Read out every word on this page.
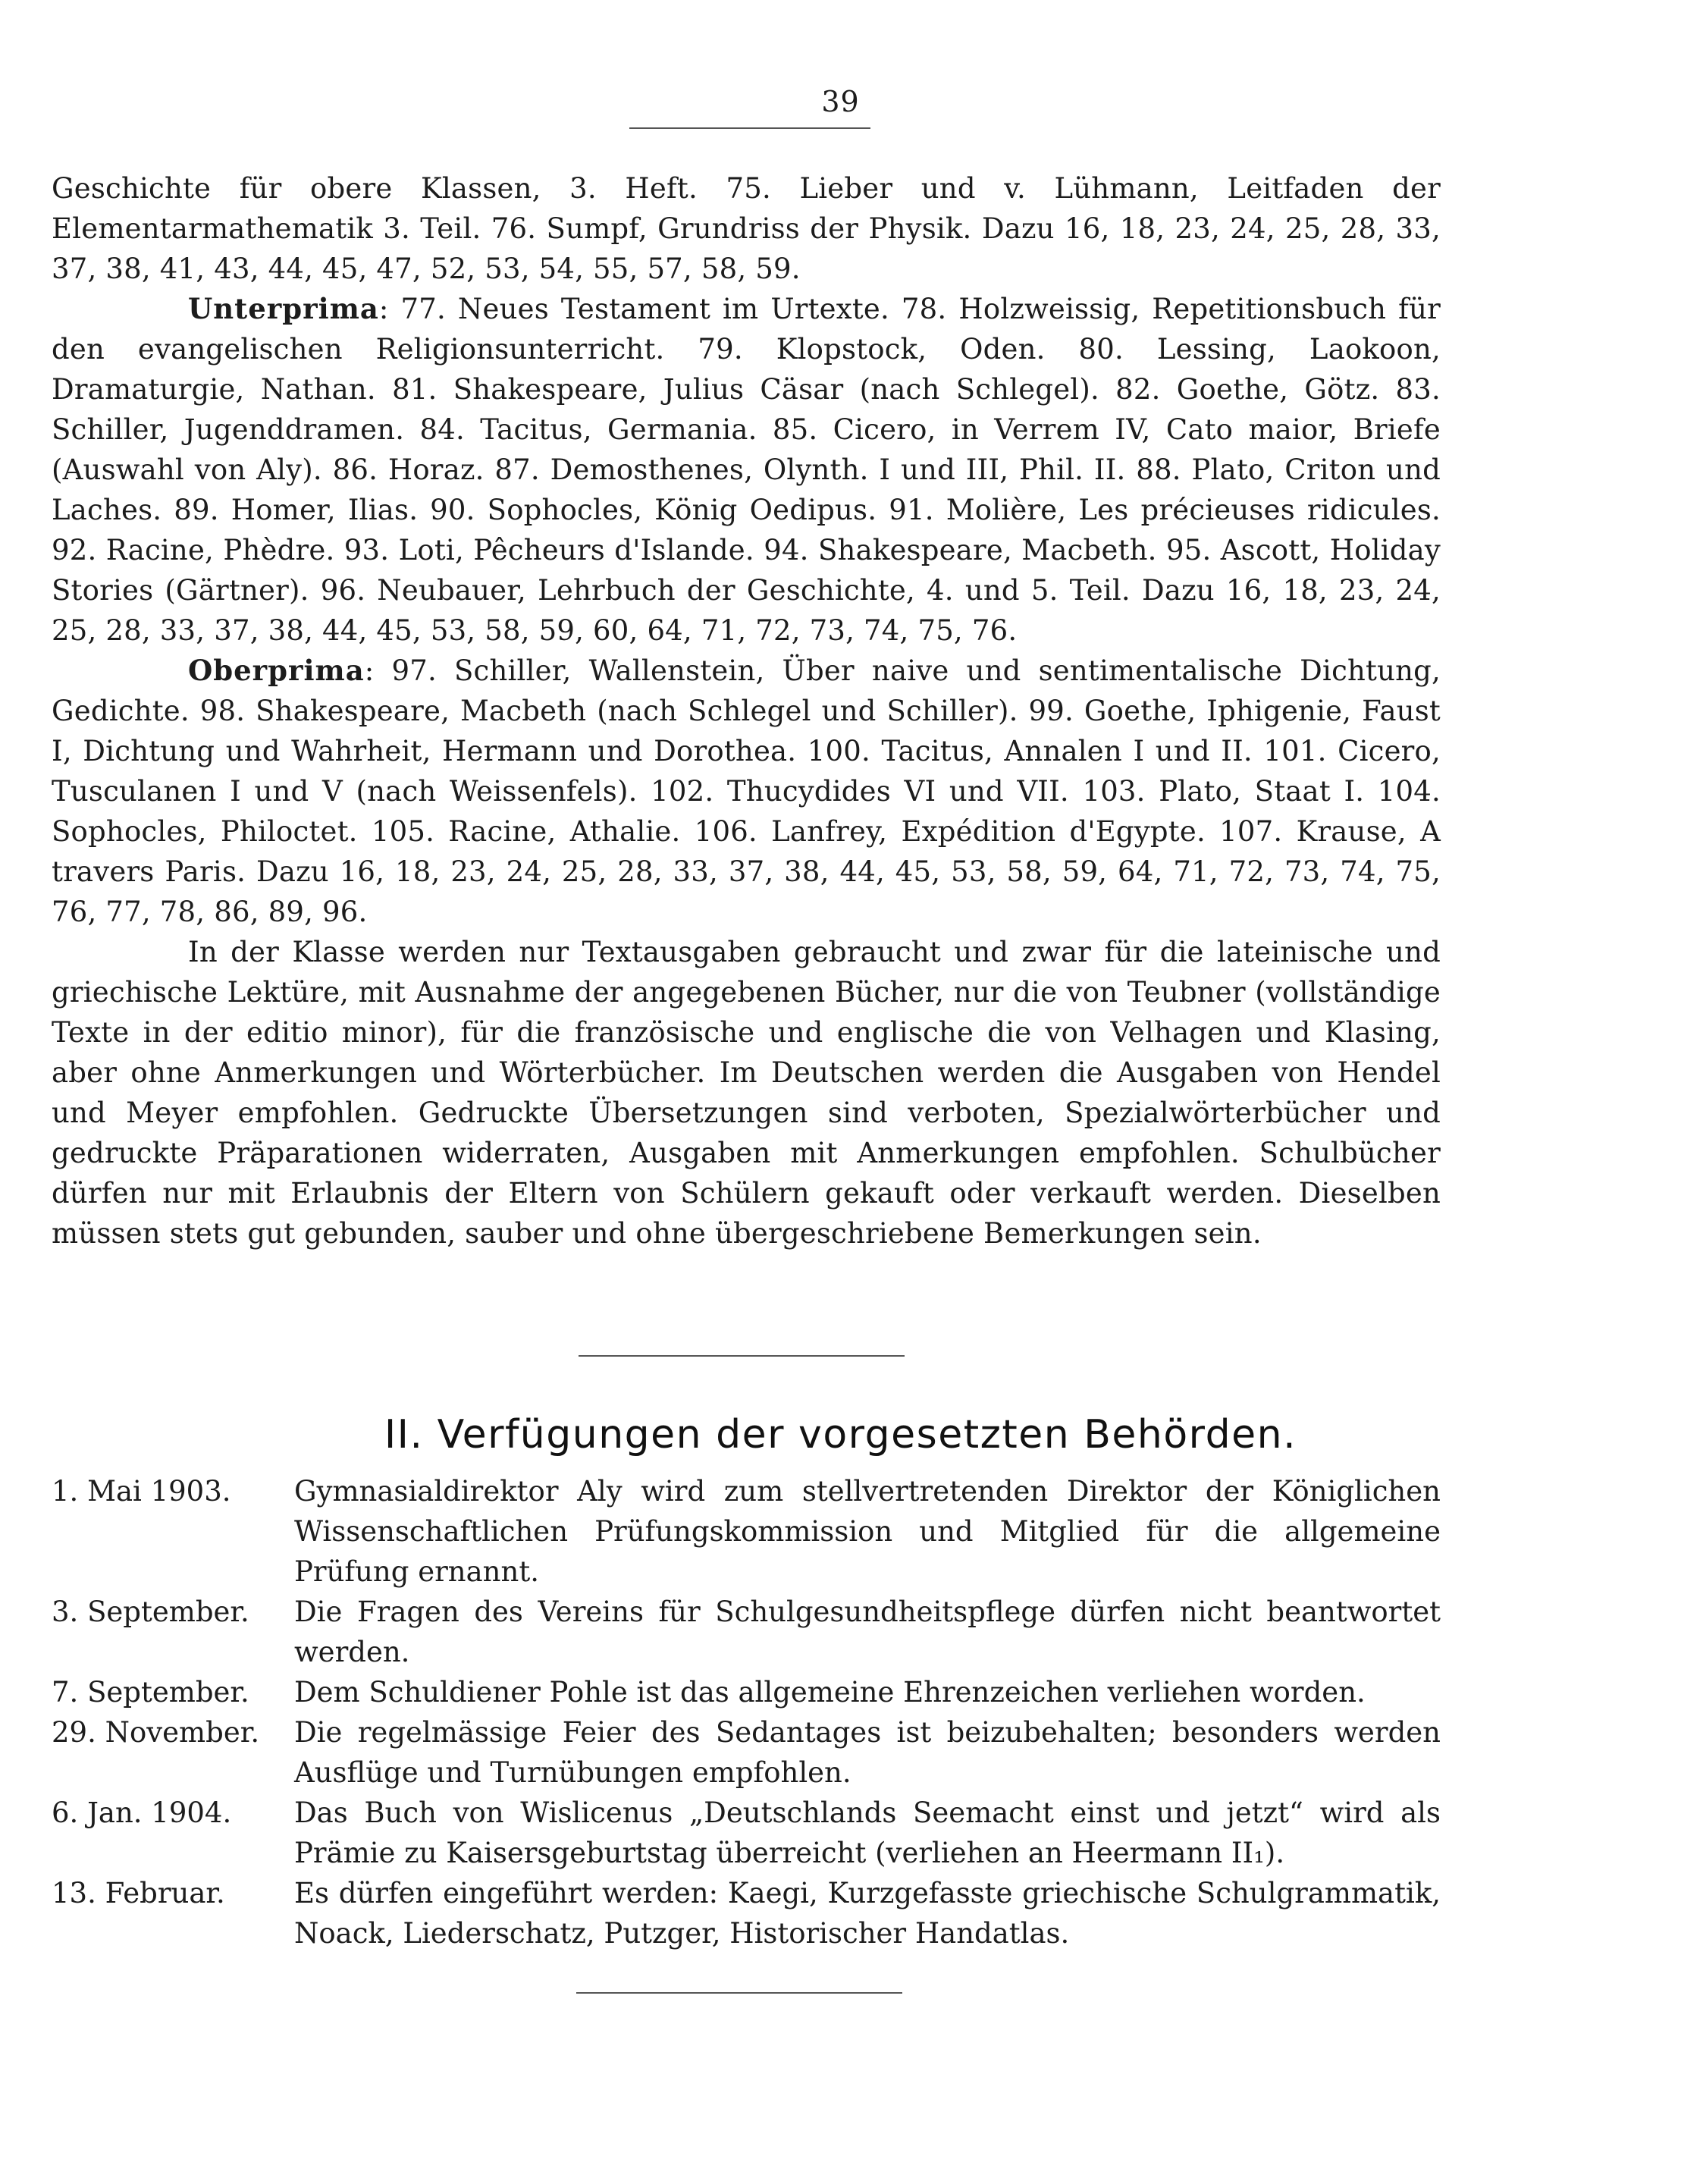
39

Geschichte für obere Klassen, 3. Heft. 75. Lieber und v. Lühmann, Leitfaden der Elementarmathematik 3. Teil. 76. Sumpf, Grundriss der Physik. Dazu 16, 18, 23, 24, 25, 28, 33, 37, 38, 41, 43, 44, 45, 47, 52, 53, 54, 55, 57, 58, 59.

Unterprima: 77. Neues Testament im Urtexte. 78. Holzweissig, Repetitionsbuch für den evangelischen Religionsunterricht. 79. Klopstock, Oden. 80. Lessing, Laokoon, Dramaturgie, Nathan. 81. Shakespeare, Julius Cäsar (nach Schlegel). 82. Goethe, Götz. 83. Schiller, Jugenddramen. 84. Tacitus, Germania. 85. Cicero, in Verrem IV, Cato maior, Briefe (Auswahl von Aly). 86. Horaz. 87. Demosthenes, Olynth. I und III, Phil. II. 88. Plato, Criton und Laches. 89. Homer, Ilias. 90. Sophocles, König Oedipus. 91. Molière, Les précieuses ridicules. 92. Racine, Phèdre. 93. Loti, Pêcheurs d'Islande. 94. Shakespeare, Macbeth. 95. Ascott, Holiday Stories (Gärtner). 96. Neubauer, Lehrbuch der Geschichte, 4. und 5. Teil. Dazu 16, 18, 23, 24, 25, 28, 33, 37, 38, 44, 45, 53, 58, 59, 60, 64, 71, 72, 73, 74, 75, 76.

Oberprima: 97. Schiller, Wallenstein, Über naive und sentimentalische Dichtung, Gedichte. 98. Shakespeare, Macbeth (nach Schlegel und Schiller). 99. Goethe, Iphigenie, Faust I, Dichtung und Wahrheit, Hermann und Dorothea. 100. Tacitus, Annalen I und II. 101. Cicero, Tusculanen I und V (nach Weissenfels). 102. Thucydides VI und VII. 103. Plato, Staat I. 104. Sophocles, Philoctet. 105. Racine, Athalie. 106. Lanfrey, Expédition d'Egypte. 107. Krause, A travers Paris. Dazu 16, 18, 23, 24, 25, 28, 33, 37, 38, 44, 45, 53, 58, 59, 64, 71, 72, 73, 74, 75, 76, 77, 78, 86, 89, 96.

In der Klasse werden nur Textausgaben gebraucht und zwar für die lateinische und griechische Lektüre, mit Ausnahme der angegebenen Bücher, nur die von Teubner (vollständige Texte in der editio minor), für die französische und englische die von Velhagen und Klasing, aber ohne Anmerkungen und Wörterbücher. Im Deutschen werden die Ausgaben von Hendel und Meyer empfohlen. Gedruckte Übersetzungen sind verboten, Spezialwörterbücher und gedruckte Präparationen widerraten, Ausgaben mit Anmerkungen empfohlen. Schulbücher dürfen nur mit Erlaubnis der Eltern von Schülern gekauft oder verkauft werden. Dieselben müssen stets gut gebunden, sauber und ohne übergeschriebene Bemerkungen sein.

II. Verfügungen der vorgesetzten Behörden.
1. Mai 1903.	Gymnasialdirektor Aly wird zum stellvertretenden Direktor der Königlichen Wissenschaftlichen Prüfungskommission und Mitglied für die allgemeine Prüfung ernannt.
3. September.	Die Fragen des Vereins für Schulgesundheitspflege dürfen nicht beantwortet werden.
7. September.	Dem Schuldiener Pohle ist das allgemeine Ehrenzeichen verliehen worden.
29. November.	Die regelmässige Feier des Sedantages ist beizubehalten; besonders werden Ausflüge und Turnübungen empfohlen.
6. Jan. 1904.	Das Buch von Wislicenus „Deutschlands Seemacht einst und jetzt“ wird als Prämie zu Kaisersgeburtstag überreicht (verliehen an Heermann II₁).
13. Februar.	Es dürfen eingeführt werden: Kaegi, Kurzgefasste griechische Schulgrammatik, Noack, Liederschatz, Putzger, Historischer Handatlas.
